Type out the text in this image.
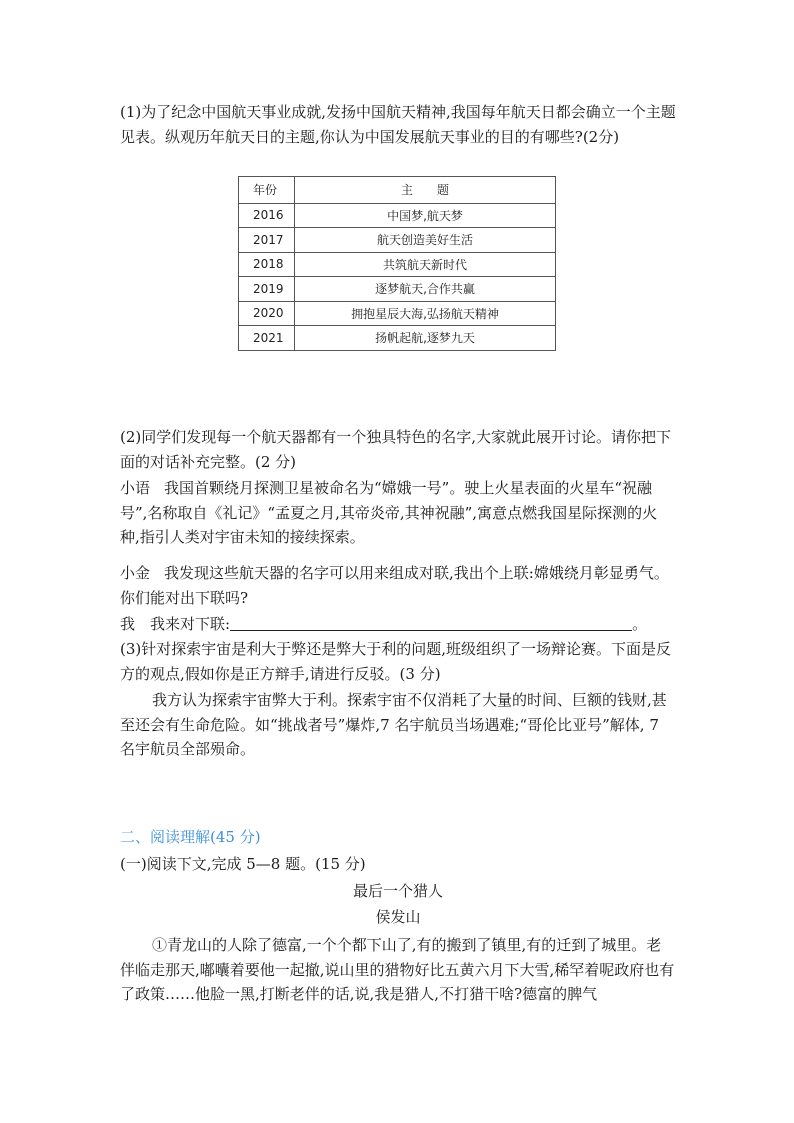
(1)为了纪念中国航天事业成就,发扬中国航天精神,我国每年航天日都会确立一个主题见表。纵观历年航天日的主题,你认为中国发展航天事业的目的有哪些?(2分)

年份	主　　题
2016	中国梦,航天梦
2017	航天创造美好生活
2018	共筑航天新时代
2019	逐梦航天,合作共赢
2020	拥抱星辰大海,弘扬航天精神
2021	扬帆起航,逐梦九天

(2)同学们发现每一个航天器都有一个独具特色的名字,大家就此展开讨论。请你把下面的对话补充完整。(2 分)

小语 我国首颗绕月探测卫星被命名为“嫦娥一号”。驶上火星表面的火星车“祝融号”,名称取自《礼记》“孟夏之月,其帝炎帝,其神祝融”,寓意点燃我国星际探测的火种,指引人类对宇宙未知的接续探索。

小金 我发现这些航天器的名字可以用来组成对联,我出个上联:嫦娥绕月彰显勇气。你们能对出下联吗?

我 我来对下联:	。

(3)针对探索宇宙是利大于弊还是弊大于利的问题,班级组织了一场辩论赛。下面是反方的观点,假如你是正方辩手,请进行反驳。(3 分)

我方认为探索宇宙弊大于利。探索宇宙不仅消耗了大量的时间、巨额的钱财,甚至还会有生命危险。如“挑战者号”爆炸,7 名宇航员当场遇难;“哥伦比亚号”解体, 7 名宇航员全部殒命。

二、阅读理解(45 分)

(一)阅读下文,完成 5—8 题。(15 分)

最后一个猎人

侯发山

①青龙山的人除了德富,一个个都下山了,有的搬到了镇里,有的迁到了城里。老伴临走那天,嘟囔着要他一起撤,说山里的猎物好比五黄六月下大雪,稀罕着呢政府也有了政策……他脸一黑,打断老伴的话,说,我是猎人,不打猎干啥?德富的脾气
